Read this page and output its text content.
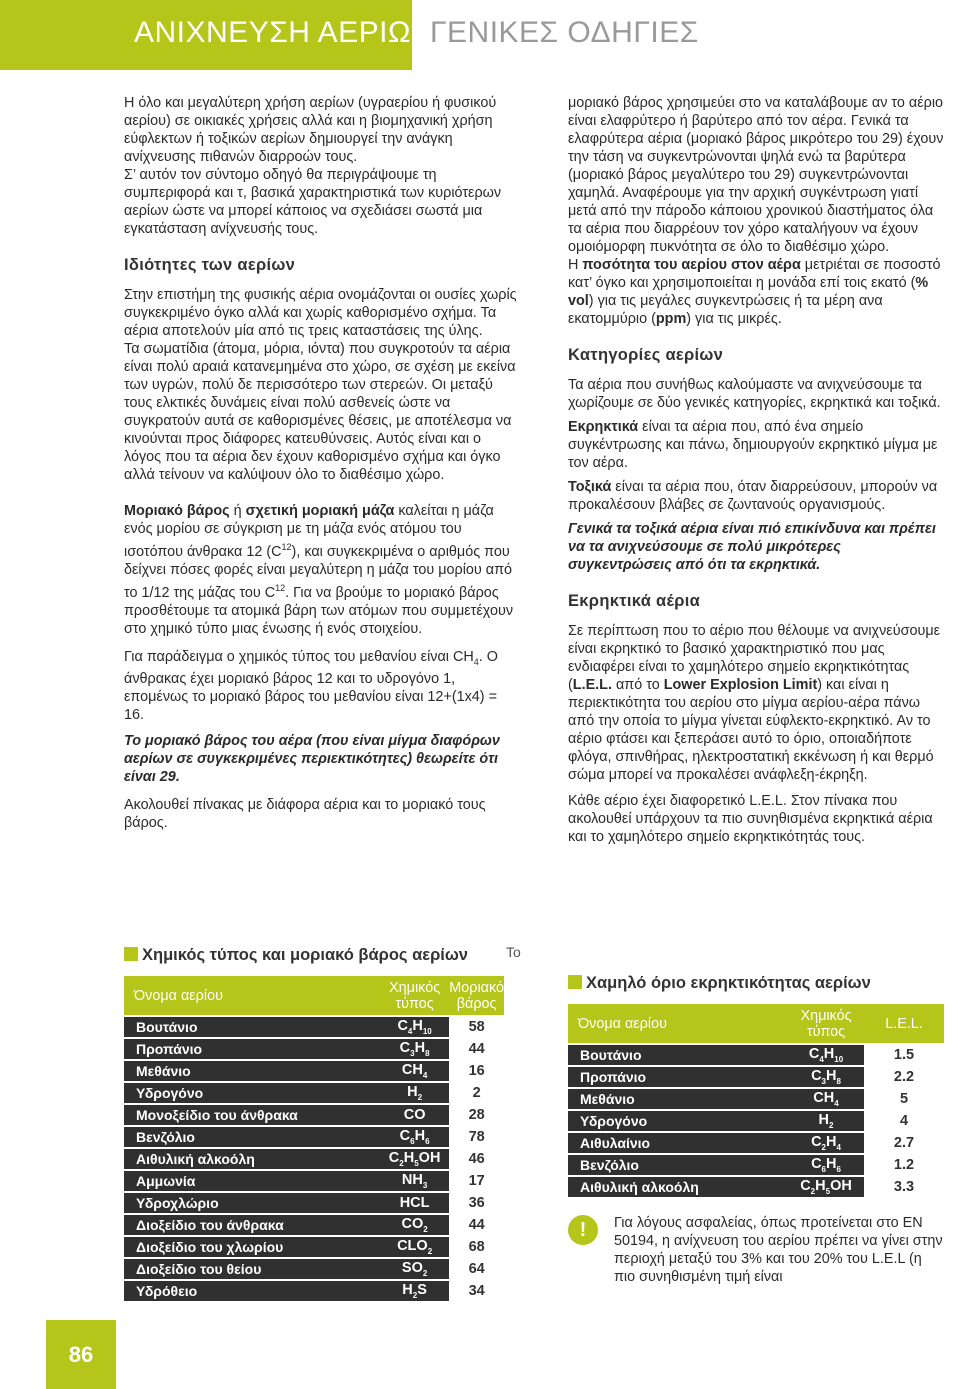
ΑΝΙΧΝΕΥΣΗ ΑΕΡΙΩΝ
ΓΕΝΙΚΕΣ ΟΔΗΓΙΕΣ

Η όλο και μεγαλύτερη χρήση αερίων (υγραερίου ή φυσικού αερίου) σε οικιακές χρήσεις αλλά και η βιομηχανική χρήση εύφλεκτων ή τοξικών αερίων δημιουργεί την ανάγκη ανίχνευσης πιθανών διαρροών τους.

Σ’ αυτόν τον σύντομο οδηγό θα περιγράψουμε τη συμπεριφορά και τ, βασικά χαρακτηριστικά των κυριότερων αερίων ώστε να μπορεί κάποιος να σχεδιάσει σωστά μια εγκατάσταση ανίχνευσής τους.

Ιδιότητες των αερίων

Στην επιστήμη της φυσικής αέρια ονομάζονται οι ουσίες χωρίς συγκεκριμένο όγκο αλλά και χωρίς καθορισμένο σχήμα. Τα αέρια αποτελούν μία από τις τρεις καταστάσεις της ύλης.

Τα σωματίδια (άτομα, μόρια, ιόντα) που συγκροτούν τα αέρια είναι πολύ αραιά κατανεμημένα στο χώρο, σε σχέση με εκείνα των υγρών, πολύ δε περισσότερο των στερεών. Οι μεταξύ τους ελκτικές δυνάμεις είναι πολύ ασθενείς ώστε να συγκρατούν αυτά σε καθορισμένες θέσεις, με αποτέλεσμα να κινούνται προς διάφορες κατευθύνσεις. Αυτός είναι και ο λόγος που τα αέρια δεν έχουν καθορισμένο σχήμα και όγκο αλλά τείνουν να καλύψουν όλο το διαθέσιμο χώρο.

Μοριακό βάρος ή σχετική μοριακή μάζα καλείται η μάζα ενός μορίου σε σύγκριση με τη μάζα ενός ατόμου του ισοτόπου άνθρακα 12 $(C^{12})$, και συγκεκριμένα ο αριθμός που δείχνει πόσες φορές είναι μεγαλύτερη η μάζα του μορίου από το 1/12 της μάζας του $C^{12}$. Για να βρούμε το μοριακό βάρος προσθέτουμε τα ατομικά βάρη των ατόμων που συμμετέχουν στο χημικό τύπο μιας ένωσης ή ενός στοιχείου.

Για παράδειγμα ο χημικός τύπος του μεθανίου είναι $CH_4$. Ο άνθρακας έχει μοριακό βάρος 12 και το υδρογόνο 1, επομένως το μοριακό βάρος του μεθανίου είναι 12+(1x4) = 16.

Το μοριακό βάρος του αέρα (που είναι μίγμα διαφόρων αερίων σε συγκεκριμένες περιεκτικότητες) θεωρείτε ότι είναι 29.

Ακολουθεί πίνακας με διάφορα αέρια και το μοριακό τους βάρος.

μοριακό βάρος χρησιμεύει στο να καταλάβουμε αν το αέριο είναι ελαφρύτερο ή βαρύτερο από τον αέρα. Γενικά τα ελαφρύτερα αέρια (μοριακό βάρος μικρότερο του 29) έχουν την τάση να συγκεντρώνονται ψηλά ενώ τα βαρύτερα (μοριακό βάρος μεγαλύτερο του 29) συγκεντρώνονται χαμηλά. Αναφέρουμε για την αρχική συγκέντρωση γιατί μετά από την πάροδο κάποιου χρονικού διαστήματος όλα τα αέρια που διαρρέουν τον χόρο καταλήγουν να έχουν ομοιόμορφη πυκνότητα σε όλο το διαθέσιμο χώρο.

Η ποσότητα του αερίου στον αέρα μετριέται σε ποσοστό κατ’ όγκο και χρησιμοποιείται η μονάδα επί τοις εκατό (% vol) για τις μεγάλες συγκεντρώσεις ή τα μέρη ανα εκατομμύριο (ppm) για τις μικρές.

Κατηγορίες αερίων

Τα αέρια που συνήθως καλούμαστε να ανιχνεύσουμε τα χωρίζουμε σε δύο γενικές κατηγορίες, εκρηκτικά και τοξικά.

Εκρηκτικά είναι τα αέρια που, από ένα σημείο συγκέντρωσης και πάνω, δημιουργούν εκρηκτικό μίγμα με τον αέρα.

Τοξικά είναι τα αέρια που, όταν διαρρεύσουν, μπορούν να προκαλέσουν βλάβες σε ζωντανούς οργανισμούς.

Γενικά τα τοξικά αέρια είναι πιό επικίνδυνα και πρέπει να τα ανιχνεύσουμε σε πολύ μικρότερες συγκεντρώσεις από ότι τα εκρηκτικά.

Εκρηκτικά αέρια

Σε περίπτωση που το αέριο που θέλουμε να ανιχνεύσουμε είναι εκρηκτικό το βασικό χαρακτηριστικό που μας ενδιαφέρει είναι το χαμηλότερο σημείο εκρηκτικότητας (L.E.L. από το Lower Explosion Limit) και είναι η περιεκτικότητα του αερίου στο μίγμα αερίου-αέρα πάνω από την οποία το μίγμα γίνεται εύφλεκτο-εκρηκτικό. Αν το αέριο φτάσει και ξεπεράσει αυτό το όριο, οποιαδήποτε φλόγα, σπινθήρας, ηλεκτροστατική εκκένωση ή και θερμό σώμα μπορεί να προκαλέσει ανάφλεξη-έκρηξη.

Κάθε αέριο έχει διαφορετικό L.E.L. Στον πίνακα που ακολουθεί υπάρχουν τα πιο συνηθισμένα εκρηκτικά αέρια και το χαμηλότερο σημείο εκρηκτικότητάς τους.

Χημικός τύπος και μοριακό βάρος αερίων	Το
Όνομα αερίου	Χημικός τύπος	Μοριακό βάρος
Βουτάνιο	$C_4H_{10}$	58
Προπάνιο	$C_3H_8$	44
Μεθάνιο	$CH_4$	16
Υδρογόνο	$H_2$	2
Μονοξείδιο του άνθρακα	CO	28
Βενζόλιο	$C_6H_6$	78
Αιθυλική αλκοόλη	$C_2H_5OH$	46
Αμμωνία	$NH_3$	17
Υδροχλώριο	HCL	36
Διοξείδιο του άνθρακα	$CO_2$	44
Διοξείδιο του χλωρίου	$CLO_2$	68
Διοξείδιο του θείου	$SO_2$	64
Υδρόθειο	$H_2S$	34
Χαμηλό όριο εκρηκτικότητας αερίων
Όνομα αερίου	Χημικός τύπος	L.E.L.
Βουτάνιο	$C_4H_{10}$	1.5
Προπάνιο	$C_3H_8$	2.2
Μεθάνιο	$CH_4$	5
Υδρογόνο	$H_2$	4
Αιθυλαίνιο	$C_2H_4$	2.7
Βενζόλιο	$C_6H_6$	1.2
Αιθυλική αλκοόλη	$C_2H_5OH$	3.3
!	Για λόγους ασφαλείας, όπως προτείνεται στο EN 50194, η ανίχνευση του αερίου πρέπει να γίνει στην περιοχή μεταξύ του 3% και του 20% του L.E.L (η πιο συνηθισμένη τιμή είναι
86
